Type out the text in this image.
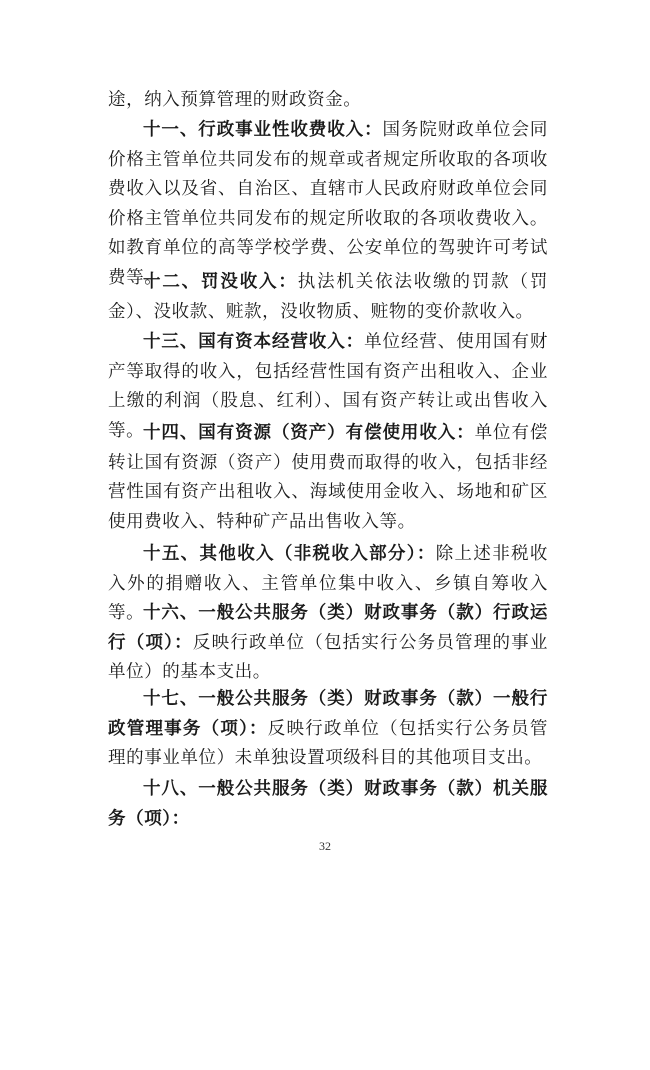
途，纳入预算管理的财政资金。

十一、行政事业性收费收入：国务院财政单位会同价格主管单位共同发布的规章或者规定所收取的各项收费收入以及省、自治区、直辖市人民政府财政单位会同价格主管单位共同发布的规定所收取的各项收费收入。如教育单位的高等学校学费、公安单位的驾驶许可考试费等。

十二、罚没收入：执法机关依法收缴的罚款（罚金）、没收款、赃款，没收物质、赃物的变价款收入。

十三、国有资本经营收入：单位经营、使用国有财产等取得的收入，包括经营性国有资产出租收入、企业上缴的利润（股息、红利）、国有资产转让或出售收入等。

十四、国有资源（资产）有偿使用收入：单位有偿转让国有资源（资产）使用费而取得的收入，包括非经营性国有资产出租收入、海域使用金收入、场地和矿区使用费收入、特种矿产品出售收入等。

十五、其他收入（非税收入部分）：除上述非税收入外的捐赠收入、主管单位集中收入、乡镇自筹收入等。

十六、一般公共服务（类）财政事务（款）行政运行（项）：反映行政单位（包括实行公务员管理的事业单位）的基本支出。

十七、一般公共服务（类）财政事务（款）一般行政管理事务（项）：反映行政单位（包括实行公务员管理的事业单位）未单独设置项级科目的其他项目支出。

十八、一般公共服务（类）财政事务（款）机关服务（项）：

32
